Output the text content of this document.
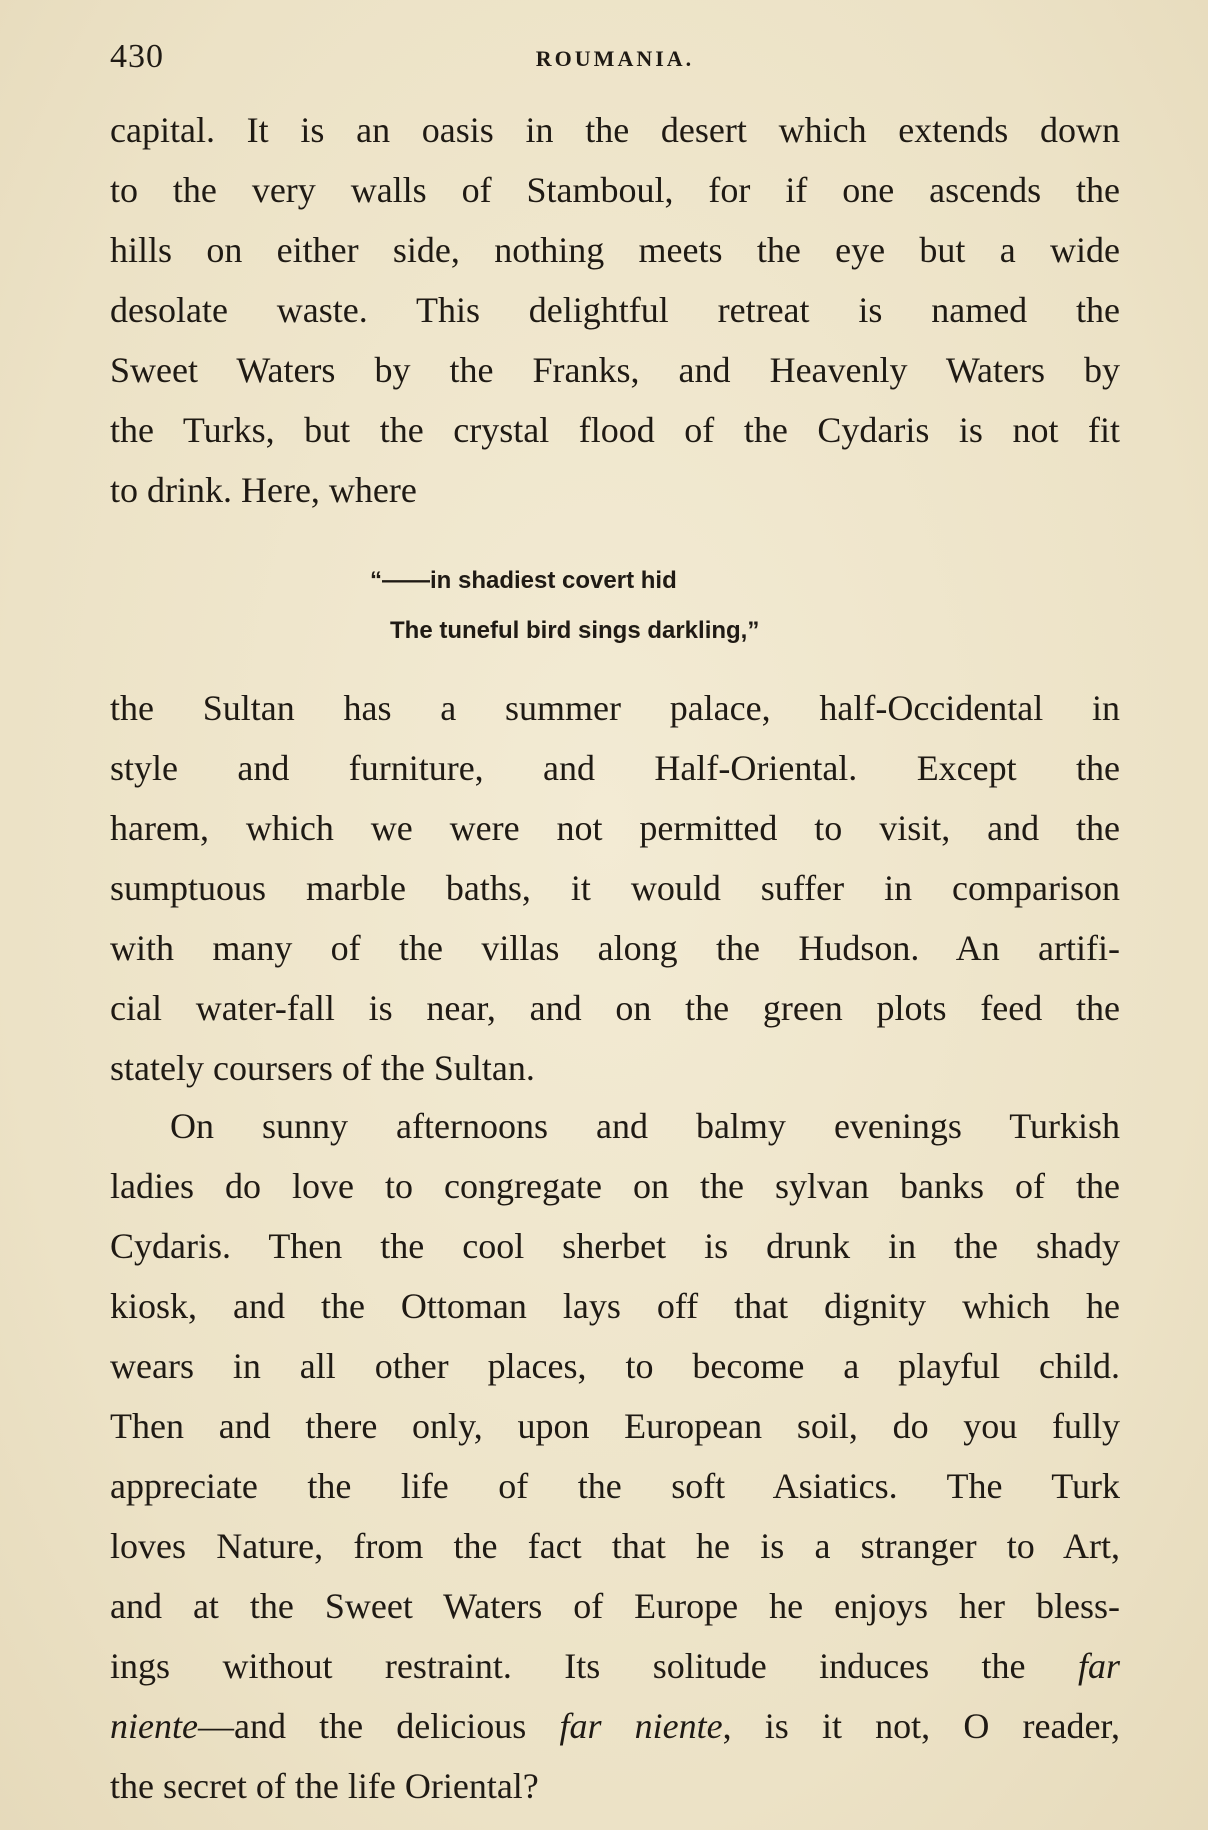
430	ROUMANIA.
capital. It is an oasis in the desert which extends down
to the very walls of Stamboul, for if one ascends the
hills on either side, nothing meets the eye but a wide
desolate waste. This delightful retreat is named the
Sweet Waters by the Franks, and Heavenly Waters by
the Turks, but the crystal flood of the Cydaris is not fit
to drink. Here, where
“——in shadiest covert hid
The tuneful bird sings darkling,”
the Sultan has a summer palace, half-Occidental in
style and furniture, and Half-Oriental. Except the
harem, which we were not permitted to visit, and the
sumptuous marble baths, it would suffer in comparison
with many of the villas along the Hudson. An artifi-
cial water-fall is near, and on the green plots feed the
stately coursers of the Sultan.
On sunny afternoons and balmy evenings Turkish
ladies do love to congregate on the sylvan banks of the
Cydaris. Then the cool sherbet is drunk in the shady
kiosk, and the Ottoman lays off that dignity which he
wears in all other places, to become a playful child.
Then and there only, upon European soil, do you fully
appreciate the life of the soft Asiatics. The Turk
loves Nature, from the fact that he is a stranger to Art,
and at the Sweet Waters of Europe he enjoys her bless-
ings without restraint. Its solitude induces the far
niente—and the delicious far niente, is it not, O reader,
the secret of the life Oriental?
